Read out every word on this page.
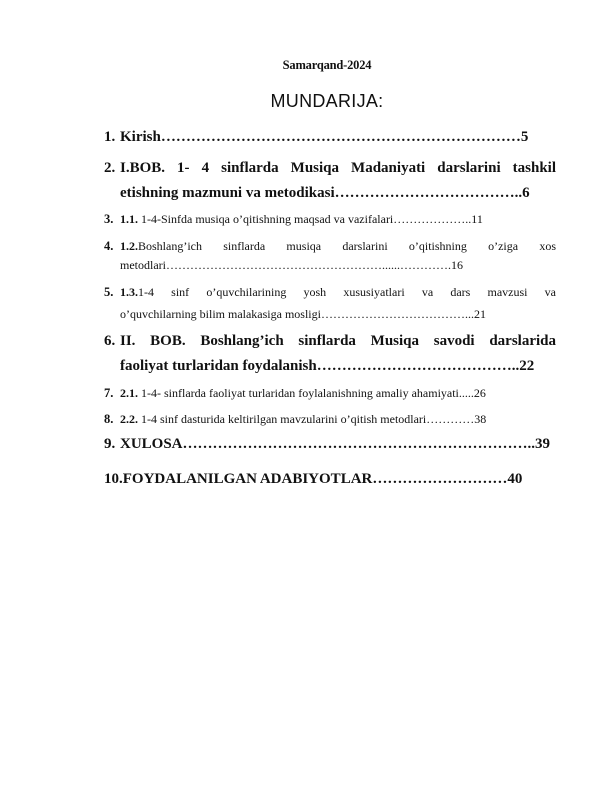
Samarqand-2024
MUNDARIJA:
1. Kirish………………………………………………………………5
2. I.BOB. 1- 4 sinflarda Musiqa Madaniyati darslarini tashkil
etishning mazmuni va metodikasi………………………………..6
3. 1.1. 1-4-Sinfda musiqa o’qitishning maqsad va vazifalari………………..11
4. 1.2.Boshlang’ich sinflarda musiqa darslarini o’qitishning o’ziga xos
metodlari………………………………………………......………….16
5. 1.3.1-4 sinf o’quvchilarining yosh xususiyatlari va dars mavzusi va
o’quvchilarning bilim malakasiga mosligi………………………………...21
6. II. BOB. Boshlang’ich sinflarda Musiqa savodi darslarida
faoliyat turlaridan foydalanish…………………………………..22
7. 2.1. 1-4- sinflarda faoliyat turlaridan foylalanishning amaliy ahamiyati.....26
8. 2.2. 1-4 sinf dasturida keltirilgan mavzularini o’qitish metodlari…………38
9. XULOSA……………………………………………………………..39
10.FOYDALANILGAN ADABIYOTLAR………………………40
